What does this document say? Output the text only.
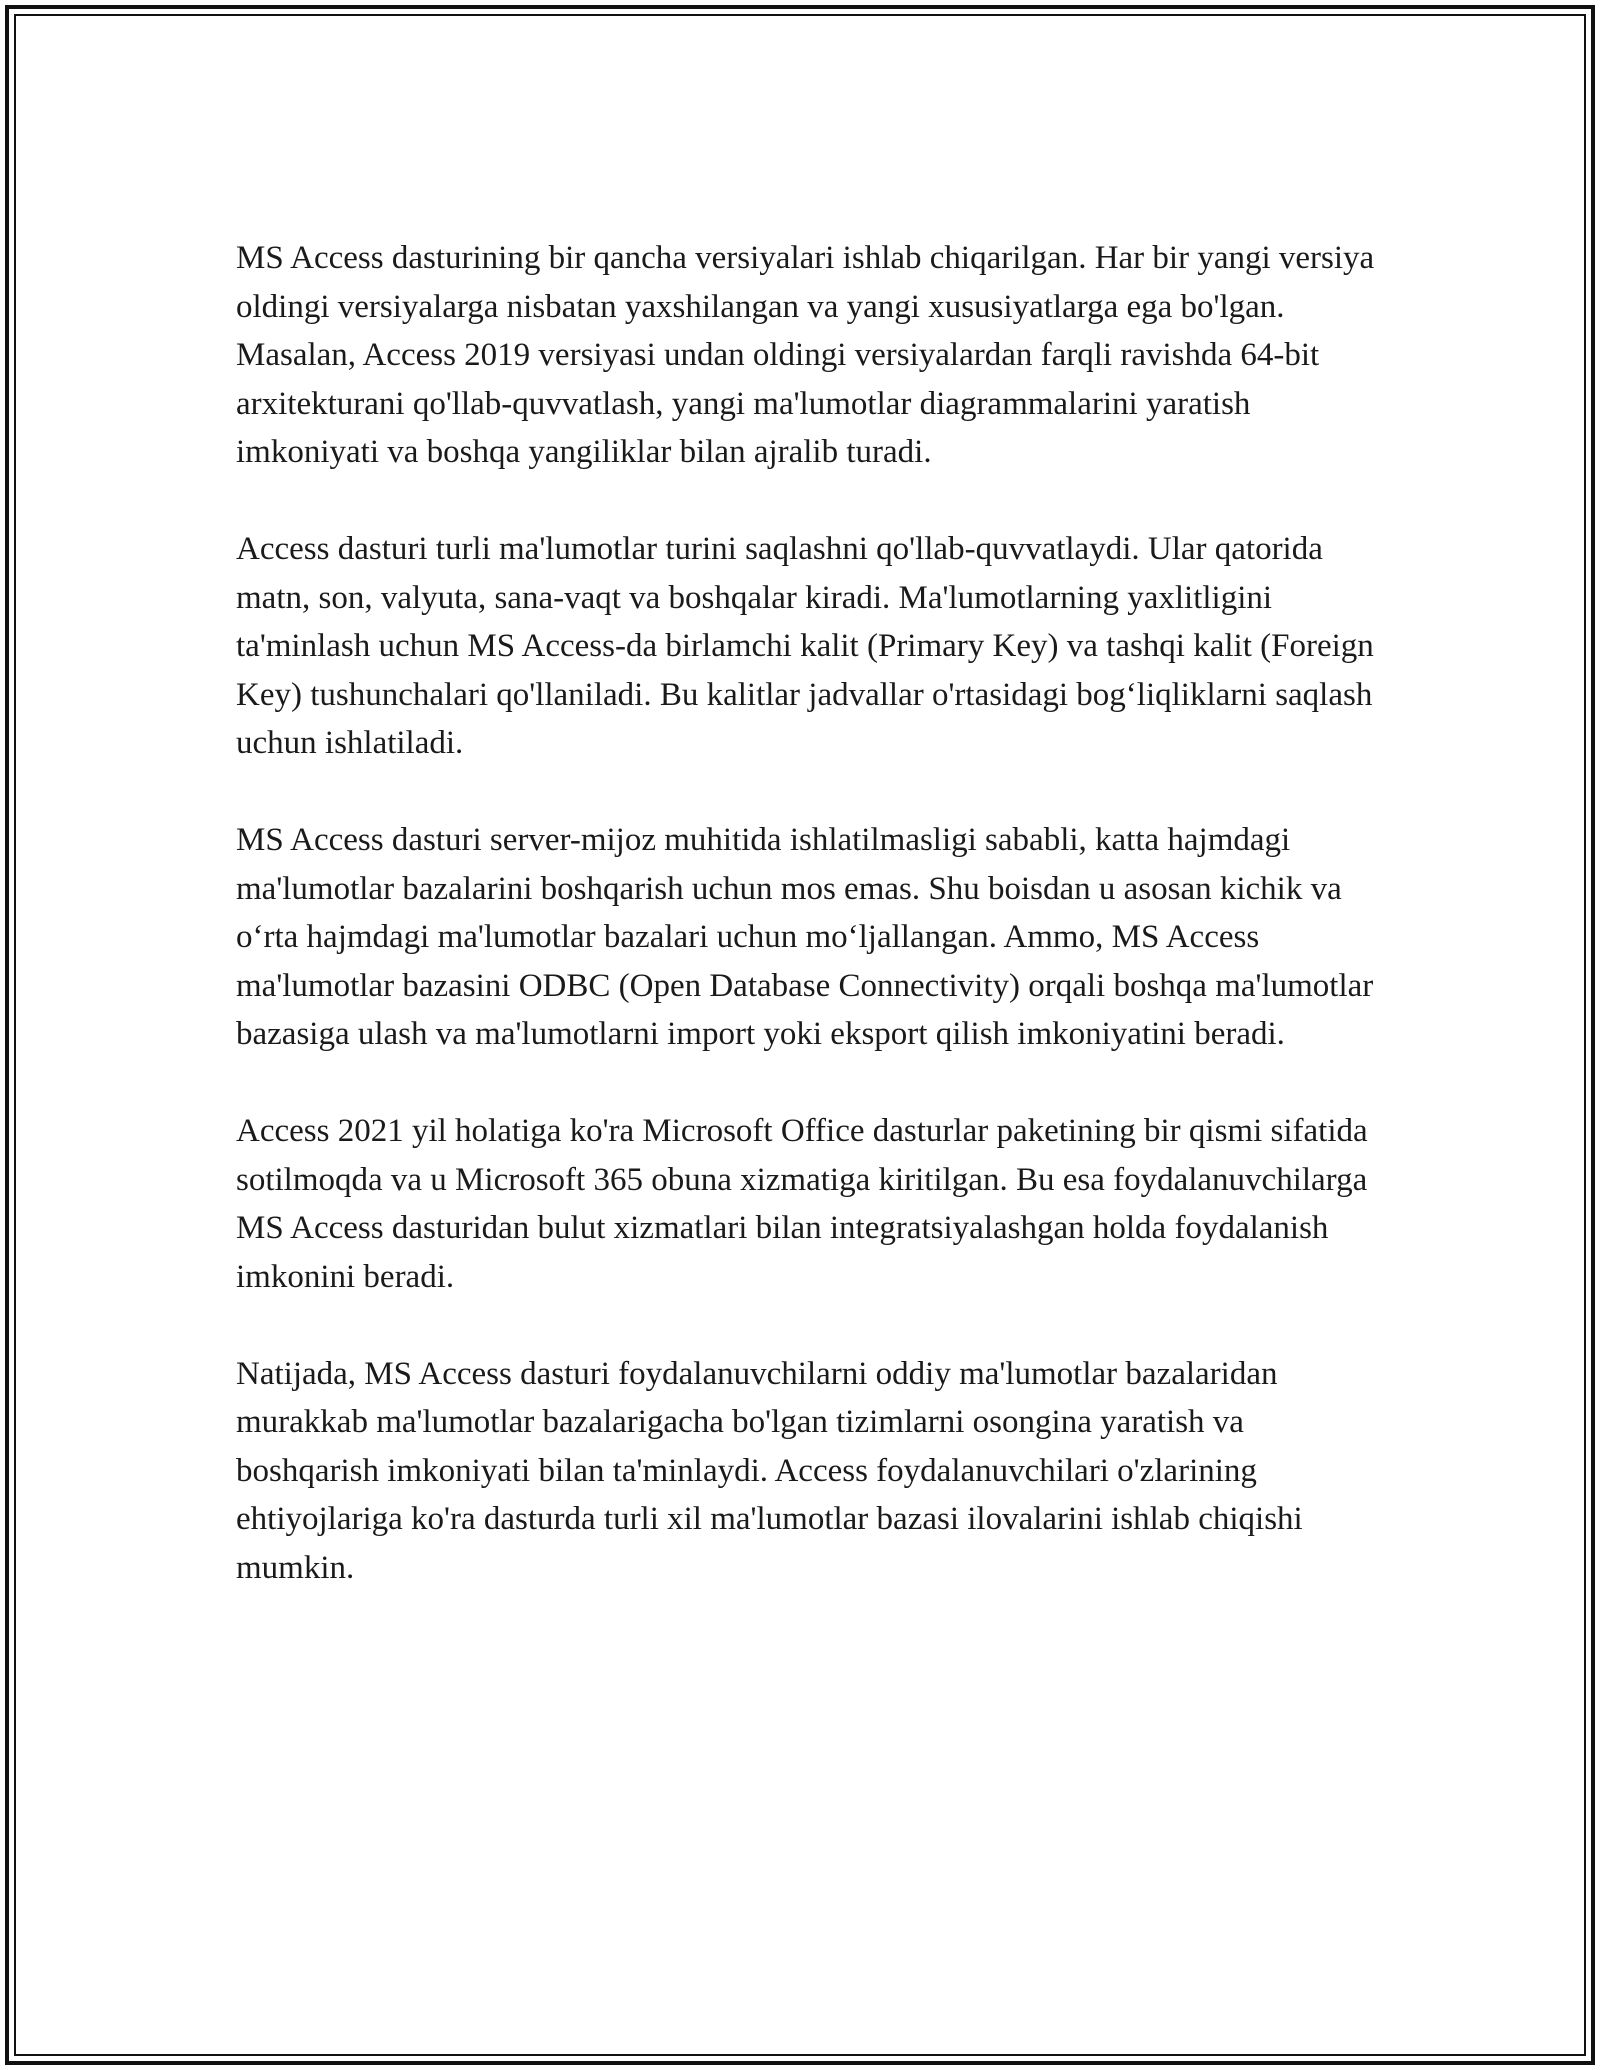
MS Access dasturining bir qancha versiyalari ishlab chiqarilgan. Har bir yangi versiya oldingi versiyalarga nisbatan yaxshilangan va yangi xususiyatlarga ega bo'lgan. Masalan, Access 2019 versiyasi undan oldingi versiyalardan farqli ravishda 64-bit arxitekturani qo'llab-quvvatlash, yangi ma'lumotlar diagrammalarini yaratish imkoniyati va boshqa yangiliklar bilan ajralib turadi.

Access dasturi turli ma'lumotlar turini saqlashni qo'llab-quvvatlaydi. Ular qatorida matn, son, valyuta, sana-vaqt va boshqalar kiradi. Ma'lumotlarning yaxlitligini ta'minlash uchun MS Access-da birlamchi kalit (Primary Key) va tashqi kalit (Foreign Key) tushunchalari qo'llaniladi. Bu kalitlar jadvallar o'rtasidagi bog‘liqliklarni saqlash uchun ishlatiladi.

MS Access dasturi server-mijoz muhitida ishlatilmasligi sababli, katta hajmdagi ma'lumotlar bazalarini boshqarish uchun mos emas. Shu boisdan u asosan kichik va o‘rta hajmdagi ma'lumotlar bazalari uchun mo‘ljallangan. Ammo, MS Access ma'lumotlar bazasini ODBC (Open Database Connectivity) orqali boshqa ma'lumotlar bazasiga ulash va ma'lumotlarni import yoki eksport qilish imkoniyatini beradi.

Access 2021 yil holatiga ko'ra Microsoft Office dasturlar paketining bir qismi sifatida sotilmoqda va u Microsoft 365 obuna xizmatiga kiritilgan. Bu esa foydalanuvchilarga MS Access dasturidan bulut xizmatlari bilan integratsiyalashgan holda foydalanish imkonini beradi.

Natijada, MS Access dasturi foydalanuvchilarni oddiy ma'lumotlar bazalaridan murakkab ma'lumotlar bazalarigacha bo'lgan tizimlarni osongina yaratish va boshqarish imkoniyati bilan ta'minlaydi. Access foydalanuvchilari o'zlarining ehtiyojlariga ko'ra dasturda turli xil ma'lumotlar bazasi ilovalarini ishlab chiqishi mumkin.
